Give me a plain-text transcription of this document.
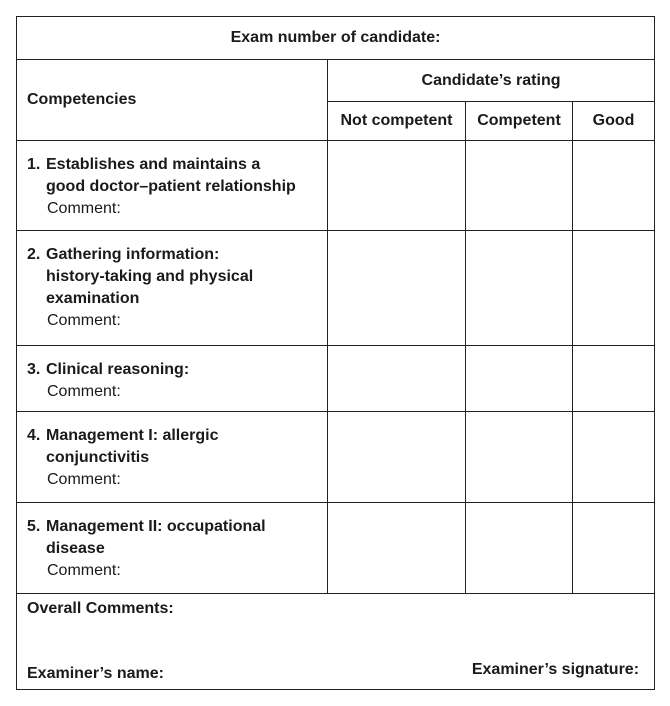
Exam number of candidate:			
Competencies	Candidate’s rating		
	Not competent	Competent	Good

1. Establishes and maintains a
good doctor–patient relationship
Comment:			

2. Gathering information:
history-taking and physical
examination
Comment:			

3. Clinical reasoning:
Comment:			

4. Management I: allergic
conjunctivitis
Comment:			

5. Management II: occupational
disease
Comment:			

Overall Comments:
Examiner’s name: Examiner’s signature:			
